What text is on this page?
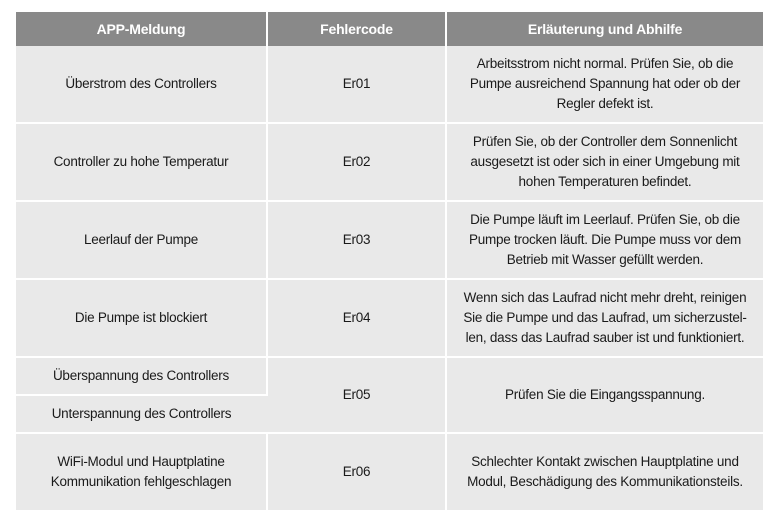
APP-Meldung	Fehlercode	Erläuterung und Abhilfe
Überstrom des Controllers	Er01	Arbeitsstrom nicht normal. Prüfen Sie, ob die
Pumpe ausreichend Spannung hat oder ob der
Regler defekt ist.

Controller zu hohe Temperatur	Er02	Prüfen Sie, ob der Controller dem Sonnenlicht
ausgesetzt ist oder sich in einer Umgebung mit
hohen Temperaturen befindet.

Leerlauf der Pumpe	Er03	Die Pumpe läuft im Leerlauf. Prüfen Sie, ob die
Pumpe trocken läuft. Die Pumpe muss vor dem
Betrieb mit Wasser gefüllt werden.

Die Pumpe ist blockiert	Er04	Wenn sich das Laufrad nicht mehr dreht, reinigen
Sie die Pumpe und das Laufrad, um sicherzustel-
len, dass das Laufrad sauber ist und funktioniert.

Überspannung des Controllers	Er05	Prüfen Sie die Eingangsspannung.

Unterspannung des Controllers		

WiFi-Modul und Hauptplatine
Kommunikation fehlgeschlagen	Er06	Schlechter Kontakt zwischen Hauptplatine und
Modul, Beschädigung des Kommunikationsteils.
